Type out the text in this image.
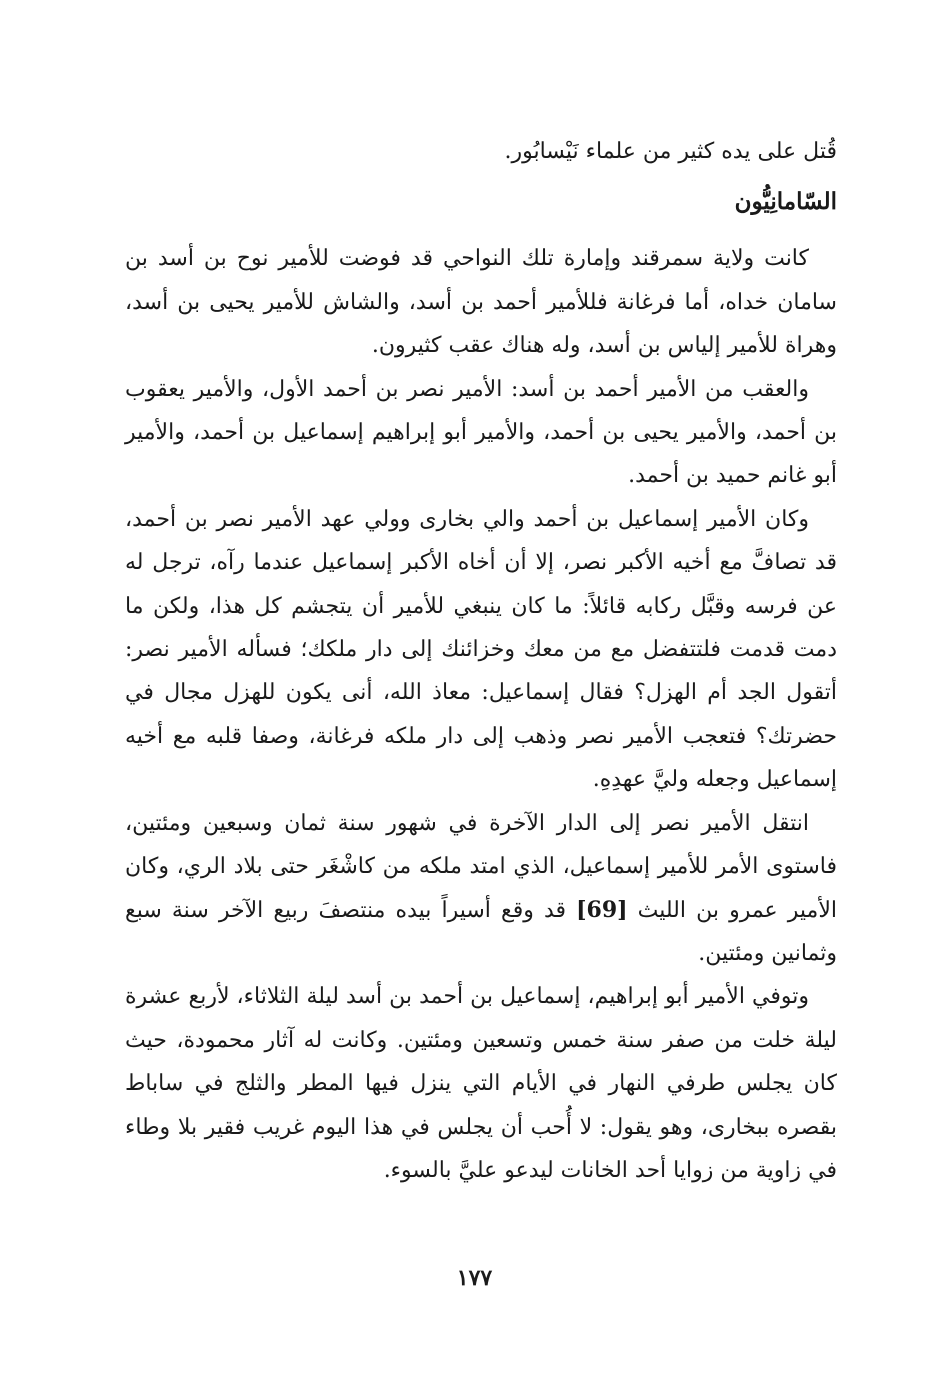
قُتل على يده كثير من علماء نَيْسابُور.

السّامانِيُّون

كانت ولاية سمرقند وإمارة تلك النواحي قد فوضت للأمير نوح بن أسد بن سامان خداه، أما فرغانة فللأمير أحمد بن أسد، والشاش للأمير يحيى بن أسد، وهراة للأمير إلياس بن أسد، وله هناك عقب كثيرون.

والعقب من الأمير أحمد بن أسد: الأمير نصر بن أحمد الأول، والأمير يعقوب بن أحمد، والأمير يحيى بن أحمد، والأمير أبو إبراهيم إسماعيل بن أحمد، والأمير أبو غانم حميد بن أحمد.

وكان الأمير إسماعيل بن أحمد والي بخارى وولي عهد الأمير نصر بن أحمد، قد تصافَّ مع أخيه الأكبر نصر، إلا أن أخاه الأكبر إسماعيل عندما رآه، ترجل له عن فرسه وقبَّل ركابه قائلاً: ما كان ينبغي للأمير أن يتجشم كل هذا، ولكن ما دمت قدمت فلتتفضل مع من معك وخزائنك إلى دار ملكك؛ فسأله الأمير نصر: أتقول الجد أم الهزل؟ فقال إسماعيل: معاذ الله، أنى يكون للهزل مجال في حضرتك؟ فتعجب الأمير نصر وذهب إلى دار ملكه فرغانة، وصفا قلبه مع أخيه إسماعيل وجعله وليَّ عهدِهِ.

انتقل الأمير نصر إلى الدار الآخرة في شهور سنة ثمان وسبعين ومئتين، فاستوى الأمر للأمير إسماعيل، الذي امتد ملكه من كاشْغَر حتى بلاد الري، وكان الأمير عمرو بن الليث [69] قد وقع أسيراً بيده منتصفَ ربيع الآخر سنة سبع وثمانين ومئتين.

وتوفي الأمير أبو إبراهيم، إسماعيل بن أحمد بن أسد ليلة الثلاثاء، لأربع عشرة ليلة خلت من صفر سنة خمس وتسعين ومئتين. وكانت له آثار محمودة، حيث كان يجلس طرفي النهار في الأيام التي ينزل فيها المطر والثلج في ساباط بقصره ببخارى، وهو يقول: لا أُحب أن يجلس في هذا اليوم غريب فقير بلا وطاء في زاوية من زوايا أحد الخانات ليدعو عليَّ بالسوء.

١٧٧
